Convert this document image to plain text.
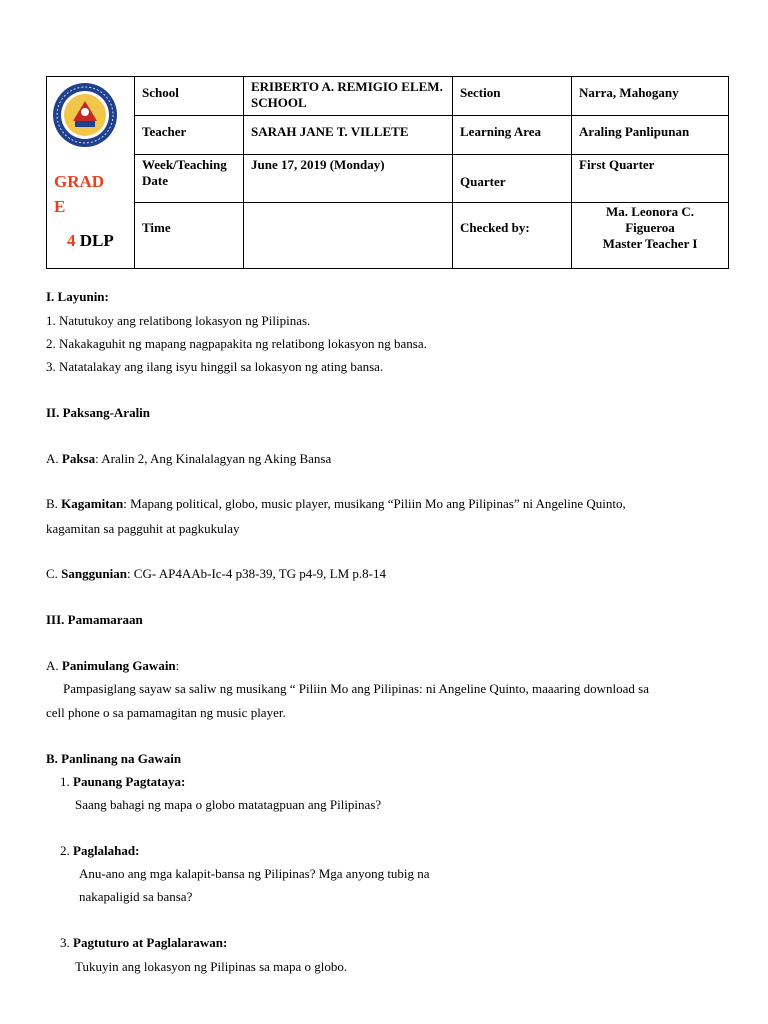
GRAD
E
4 DLP	School	ERIBERTO A. REMIGIO ELEM. SCHOOL	Section	Narra, Mahogany
	Teacher	SARAH JANE T. VILLETE	Learning Area	Araling Panlipunan
	Week/Teaching Date	June 17, 2019 (Monday)	Quarter	First Quarter
	Time		Checked by:	Ma. Leonora C.
Figueroa
Master Teacher I
I. Layunin:
1. Natutukoy ang relatibong lokasyon ng Pilipinas.
2. Nakakaguhit ng mapang nagpapakita ng relatibong lokasyon ng bansa.
3. Natatalakay ang ilang isyu hinggil sa lokasyon ng ating bansa.
II. Paksang-Aralin
A. Paksa: Aralin 2, Ang Kinalalagyan ng Aking Bansa
B. Kagamitan: Mapang political, globo, music player, musikang “Piliin Mo ang Pilipinas” ni Angeline Quinto,
kagamitan sa pagguhit at pagkukulay
C. Sanggunian: CG- AP4AAb-Ic-4 p38-39, TG p4-9, LM p.8-14
III. Pamamaraan
A. Panimulang Gawain:
Pampasiglang sayaw sa saliw ng musikang “ Piliin Mo ang Pilipinas: ni Angeline Quinto, maaaring download sa
cell phone o sa pamamagitan ng music player.
B. Panlinang na Gawain
1. Paunang Pagtataya:
Saang bahagi ng mapa o globo matatagpuan ang Pilipinas?
2. Paglalahad:
Anu-ano ang mga kalapit-bansa ng Pilipinas? Mga anyong tubig na
nakapaligid sa bansa?
3. Pagtuturo at Paglalarawan:
Tukuyin ang lokasyon ng Pilipinas sa mapa o globo.
